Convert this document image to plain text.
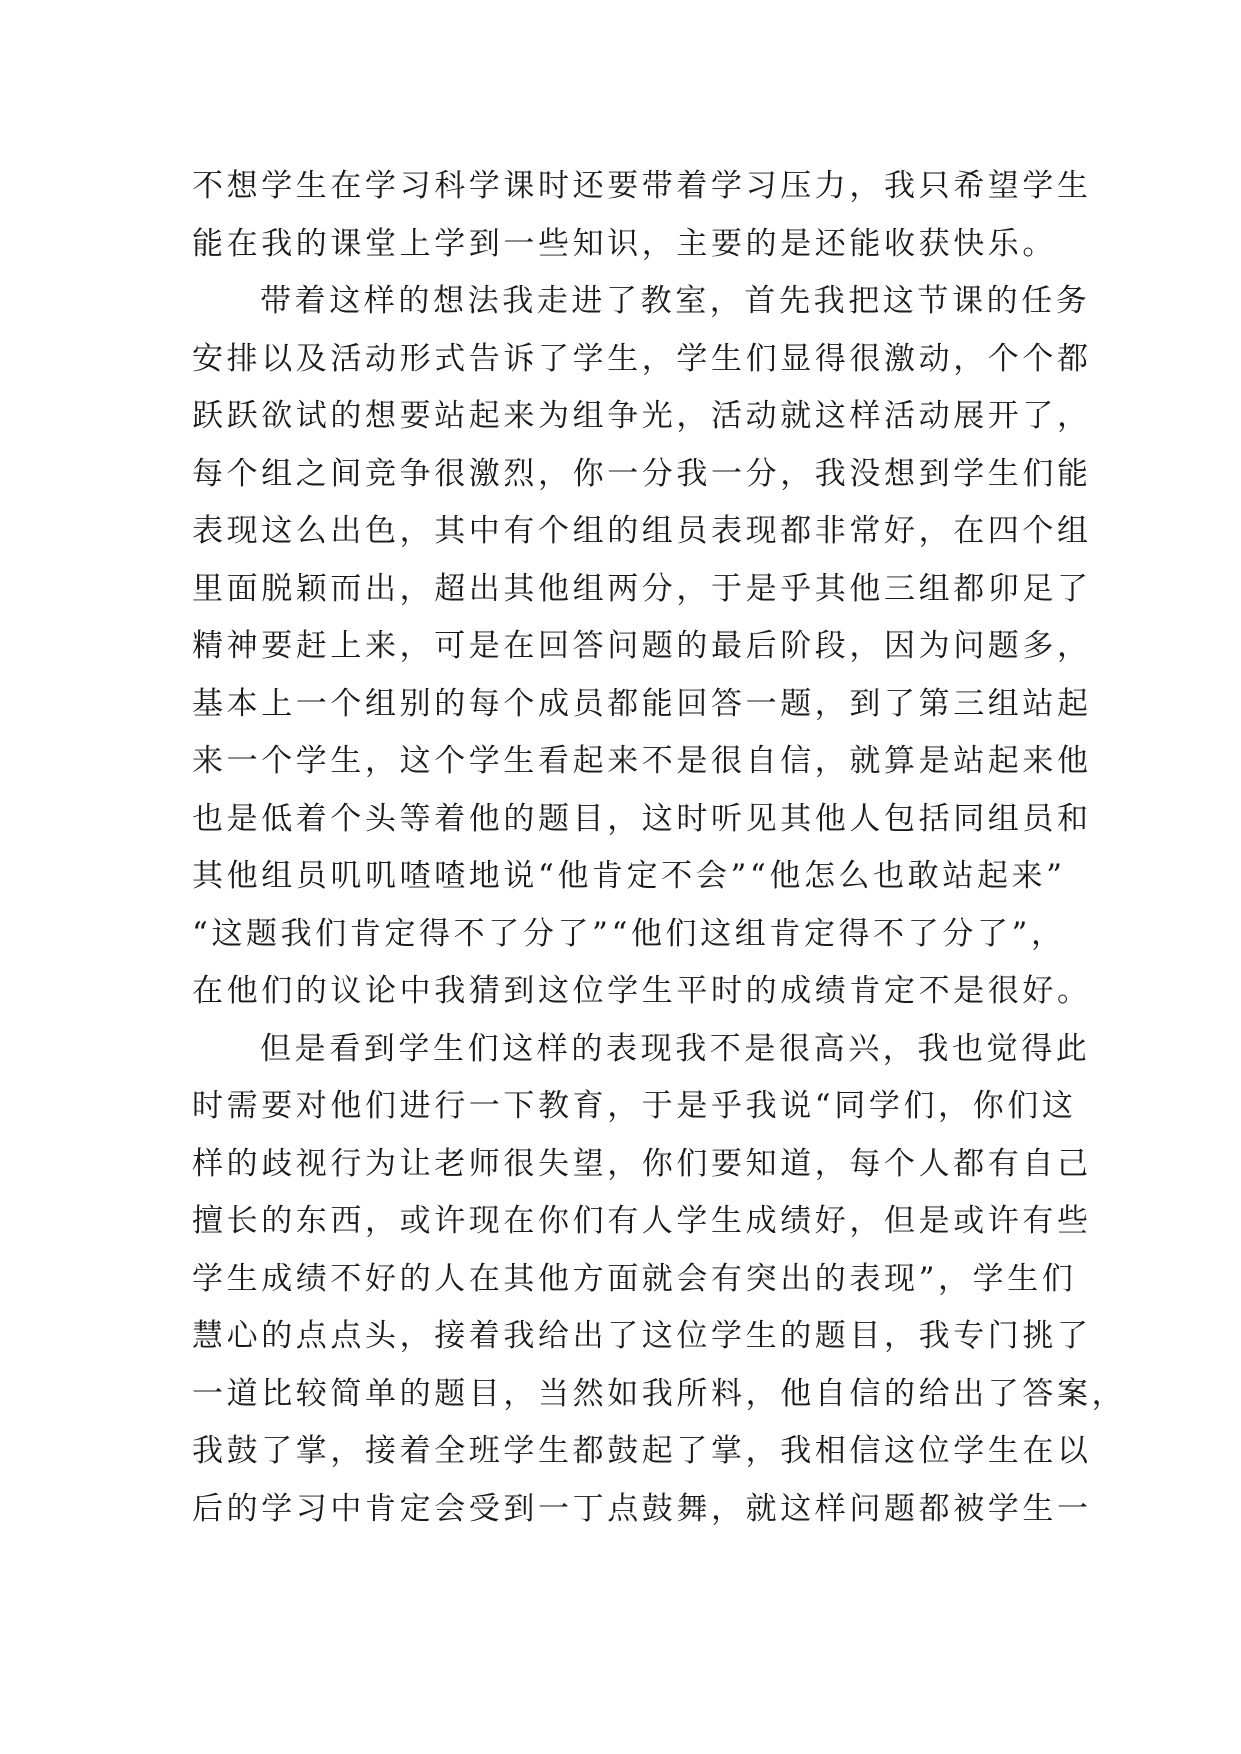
不想学生在学习科学课时还要带着学习压力，我只希望学生
能在我的课堂上学到一些知识，主要的是还能收获快乐。
带着这样的想法我走进了教室，首先我把这节课的任务
安排以及活动形式告诉了学生，学生们显得很激动，个个都
跃跃欲试的想要站起来为组争光，活动就这样活动展开了，
每个组之间竞争很激烈，你一分我一分，我没想到学生们能
表现这么出色，其中有个组的组员表现都非常好，在四个组
里面脱颖而出，超出其他组两分，于是乎其他三组都卯足了
精神要赶上来，可是在回答问题的最后阶段，因为问题多，
基本上一个组别的每个成员都能回答一题，到了第三组站起
来一个学生，这个学生看起来不是很自信，就算是站起来他
也是低着个头等着他的题目，这时听见其他人包括同组员和
其他组员叽叽喳喳地说“他肯定不会”“他怎么也敢站起来”
“这题我们肯定得不了分了”“他们这组肯定得不了分了”，
在他们的议论中我猜到这位学生平时的成绩肯定不是很好。
但是看到学生们这样的表现我不是很高兴，我也觉得此
时需要对他们进行一下教育，于是乎我说“同学们，你们这
样的歧视行为让老师很失望，你们要知道，每个人都有自己
擅长的东西，或许现在你们有人学生成绩好，但是或许有些
学生成绩不好的人在其他方面就会有突出的表现”，学生们
慧心的点点头，接着我给出了这位学生的题目，我专门挑了
一道比较简单的题目，当然如我所料，他自信的给出了答案，
我鼓了掌，接着全班学生都鼓起了掌，我相信这位学生在以
后的学习中肯定会受到一丁点鼓舞，就这样问题都被学生一
